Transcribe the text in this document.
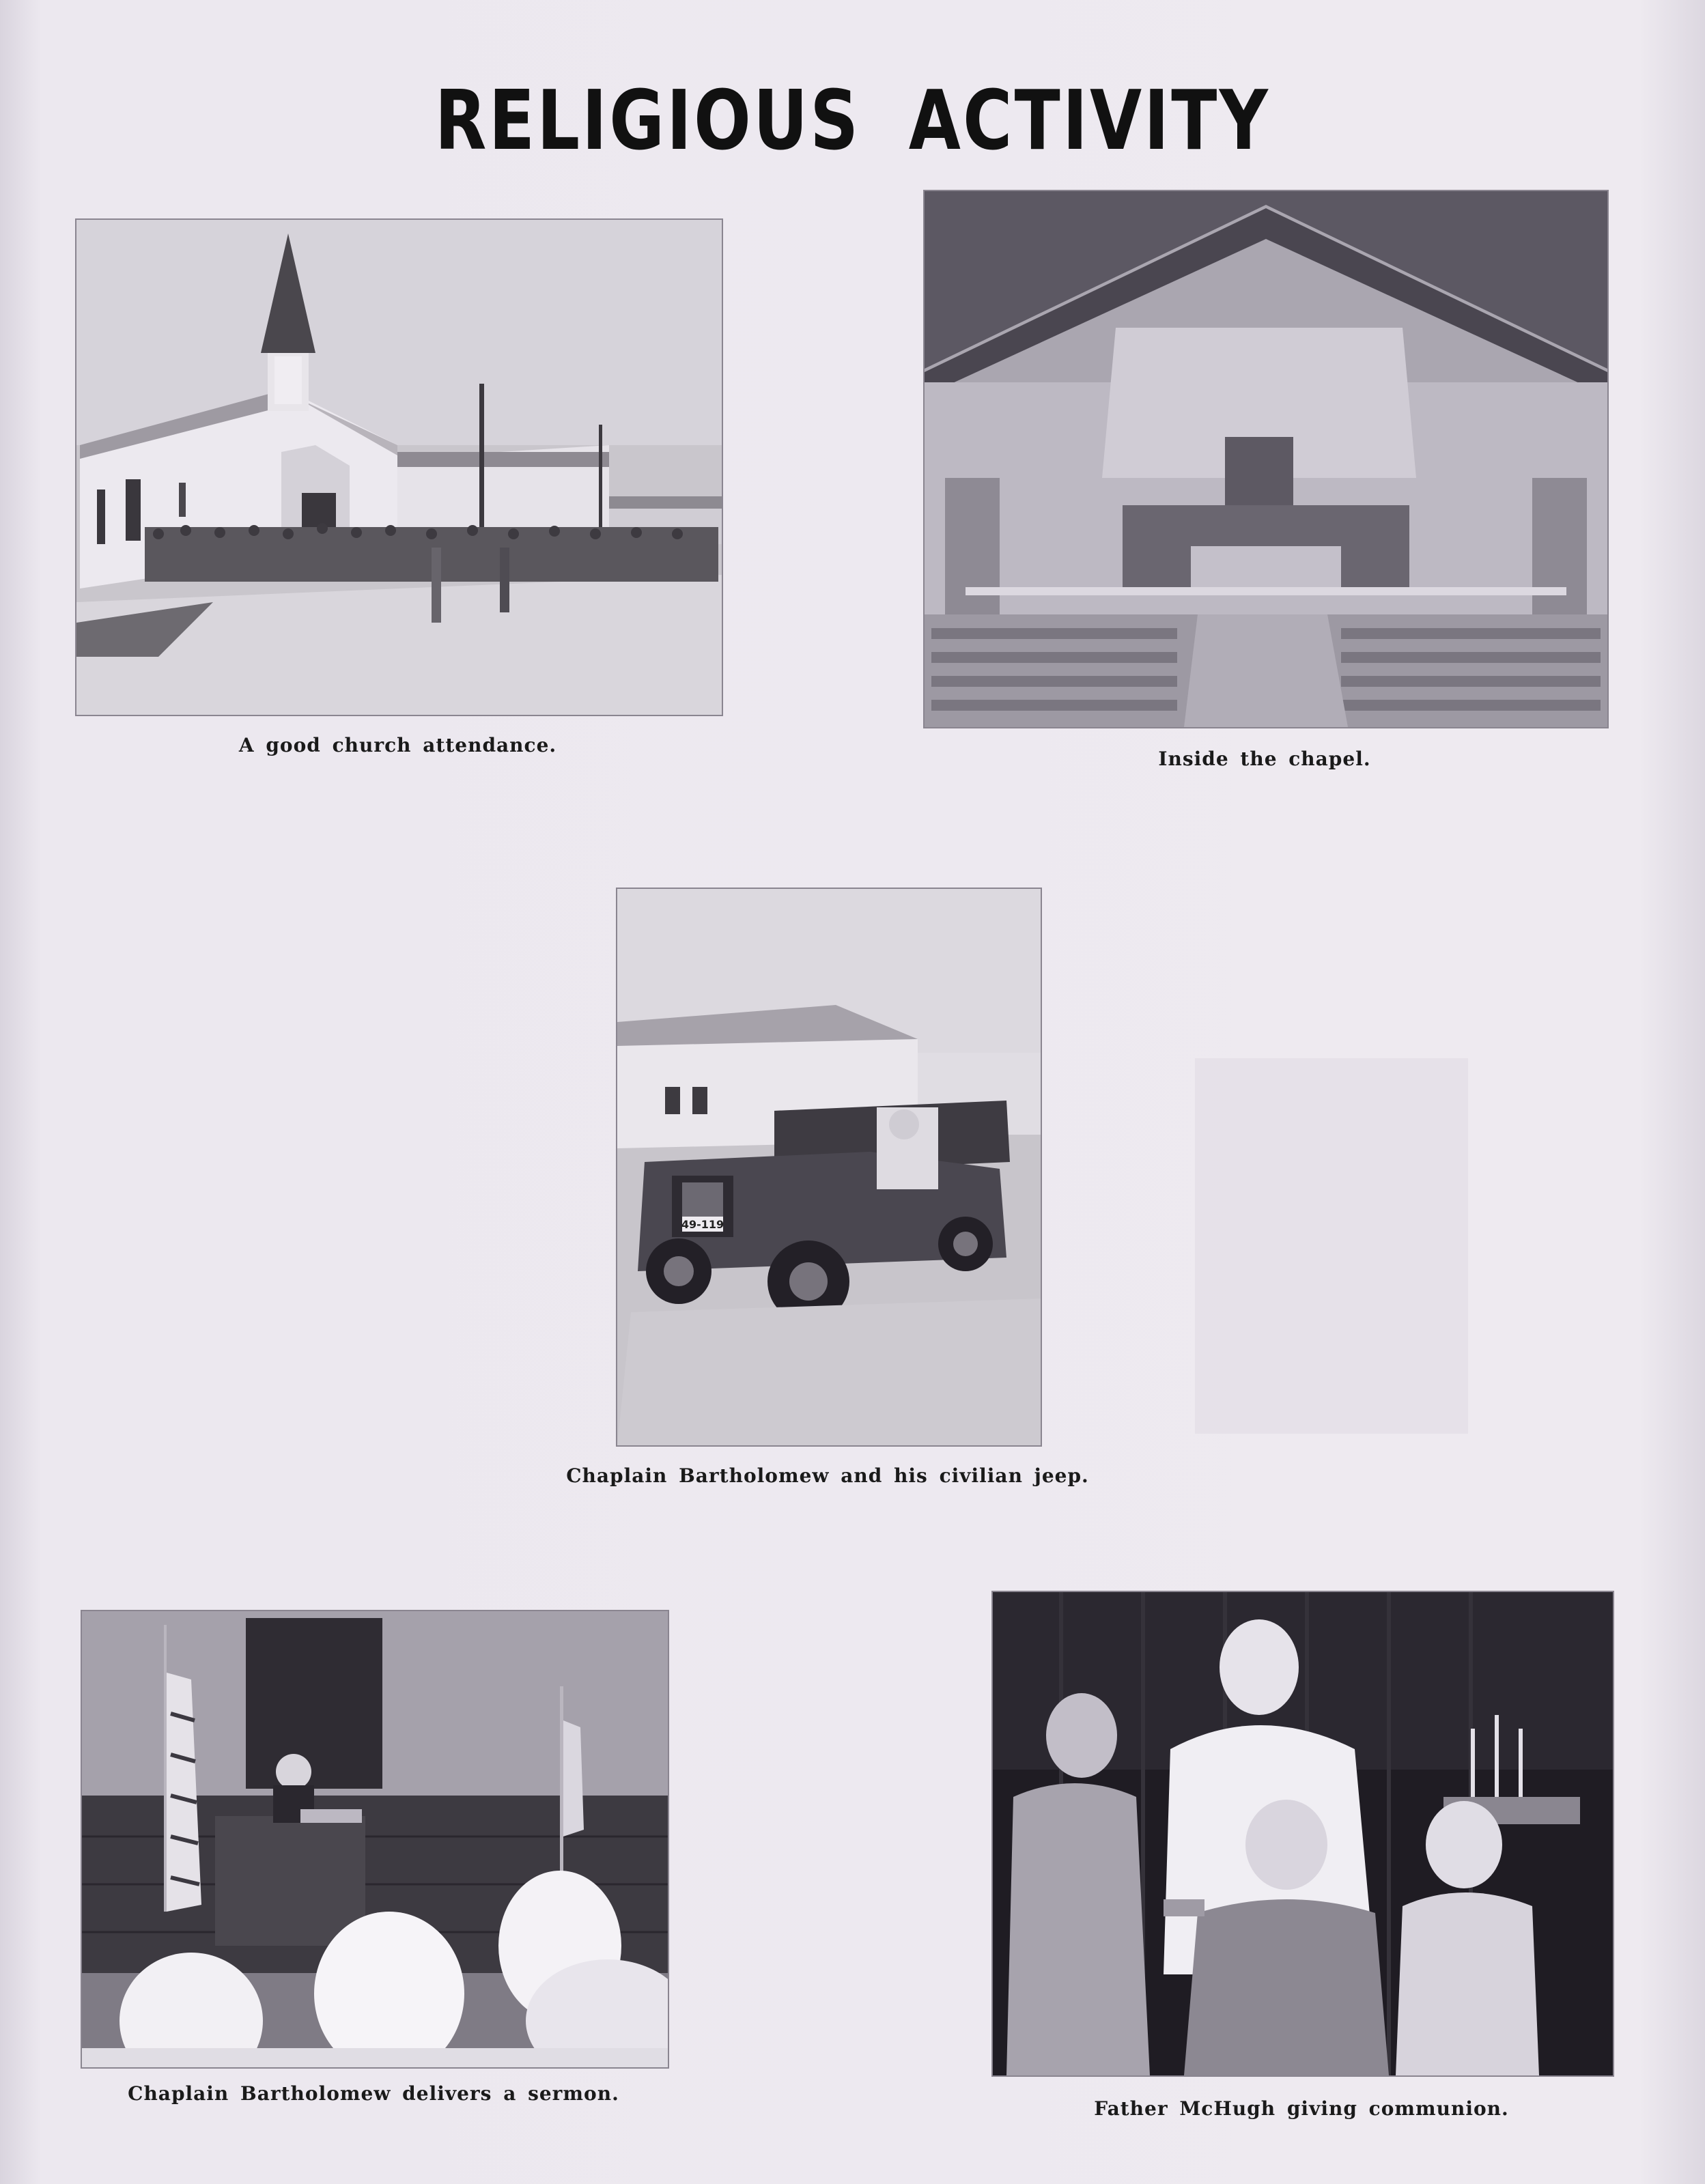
RELIGIOUS ACTIVITY
A good church attendance.
Inside the chapel.
49-119
Chaplain Bartholomew and his civilian jeep.
Chaplain Bartholomew delivers a sermon.
Father McHugh giving communion.
